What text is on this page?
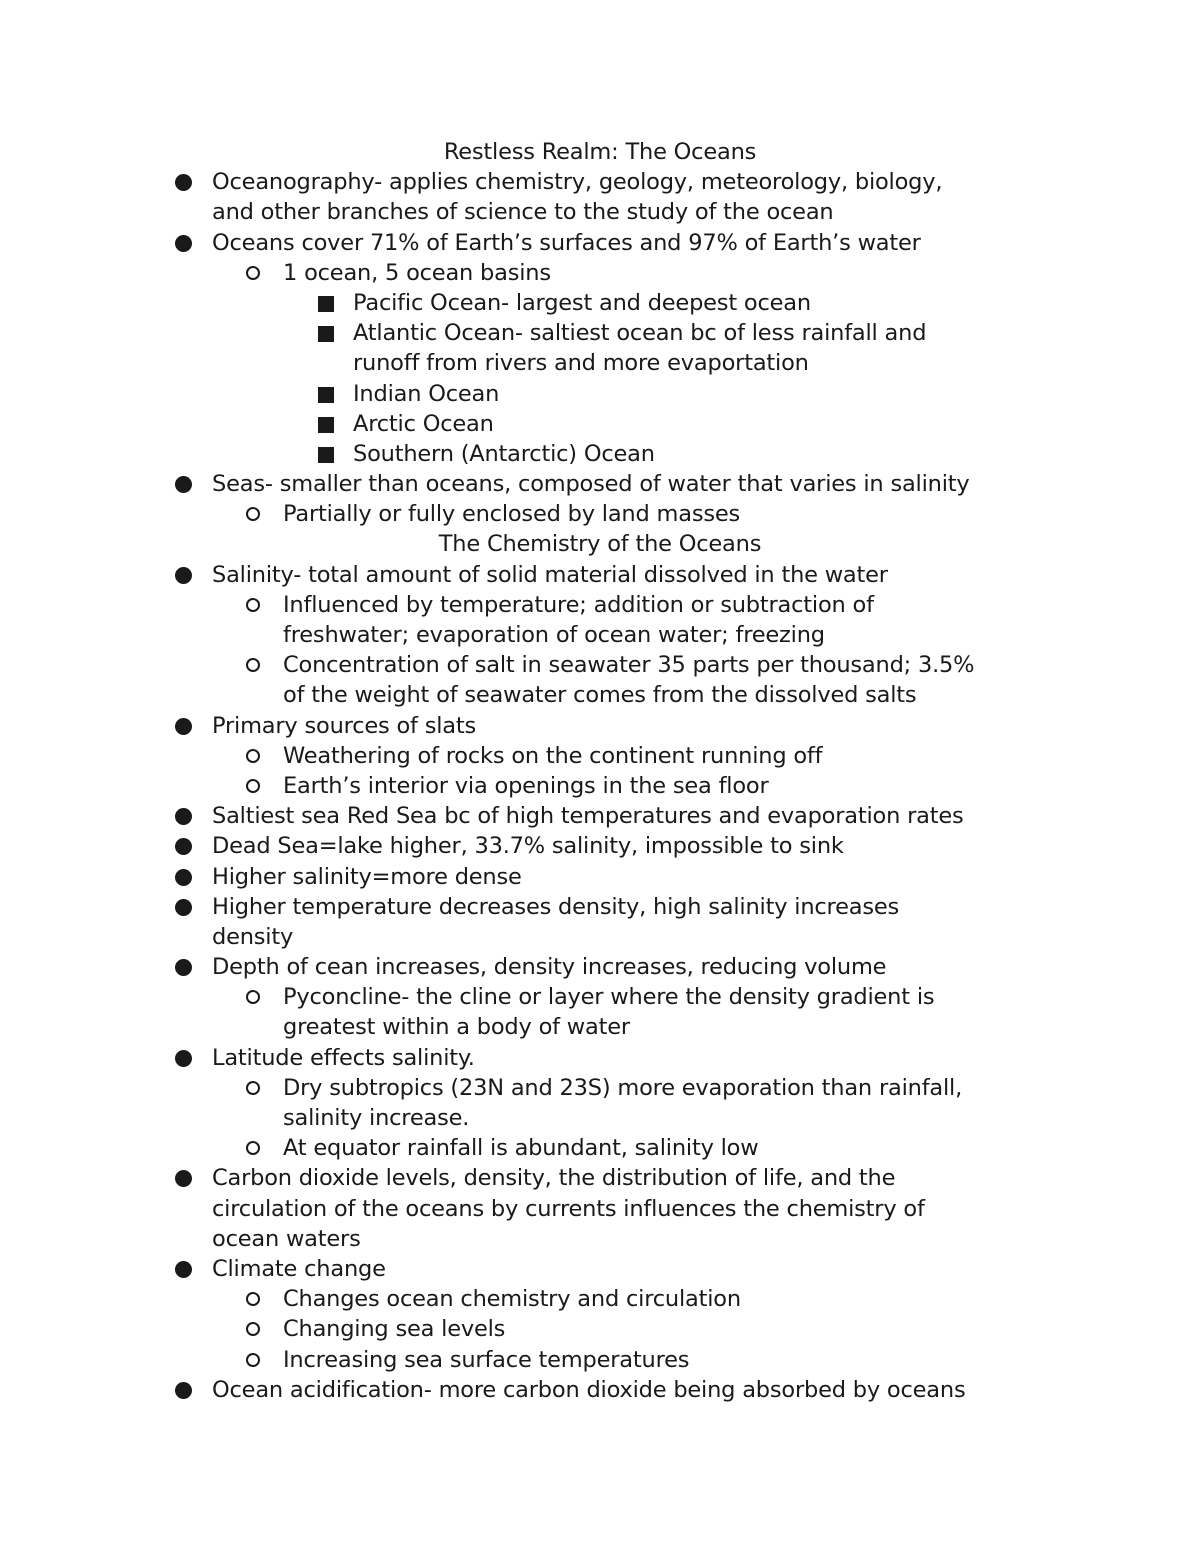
Restless Realm: The Oceans
Oceanography- applies chemistry, geology, meteorology, biology,
and other branches of science to the study of the ocean
Oceans cover 71% of Earth’s surfaces and 97% of Earth’s water
1 ocean, 5 ocean basins
Pacific Ocean- largest and deepest ocean
Atlantic Ocean- saltiest ocean bc of less rainfall and
runoff from rivers and more evaportation
Indian Ocean
Arctic Ocean
Southern (Antarctic) Ocean
Seas- smaller than oceans, composed of water that varies in salinity
Partially or fully enclosed by land masses
The Chemistry of the Oceans
Salinity- total amount of solid material dissolved in the water
Influenced by temperature; addition or subtraction of
freshwater; evaporation of ocean water; freezing
Concentration of salt in seawater 35 parts per thousand; 3.5%
of the weight of seawater comes from the dissolved salts
Primary sources of slats
Weathering of rocks on the continent running off
Earth’s interior via openings in the sea floor
Saltiest sea Red Sea bc of high temperatures and evaporation rates
Dead Sea=lake higher, 33.7% salinity, impossible to sink
Higher salinity=more dense
Higher temperature decreases density, high salinity increases
density
Depth of cean increases, density increases, reducing volume
Pyconcline- the cline or layer where the density gradient is
greatest within a body of water
Latitude effects salinity.
Dry subtropics (23N and 23S) more evaporation than rainfall,
salinity increase.
At equator rainfall is abundant, salinity low
Carbon dioxide levels, density, the distribution of life, and the
circulation of the oceans by currents influences the chemistry of
ocean waters
Climate change
Changes ocean chemistry and circulation
Changing sea levels
Increasing sea surface temperatures
Ocean acidification- more carbon dioxide being absorbed by oceans
